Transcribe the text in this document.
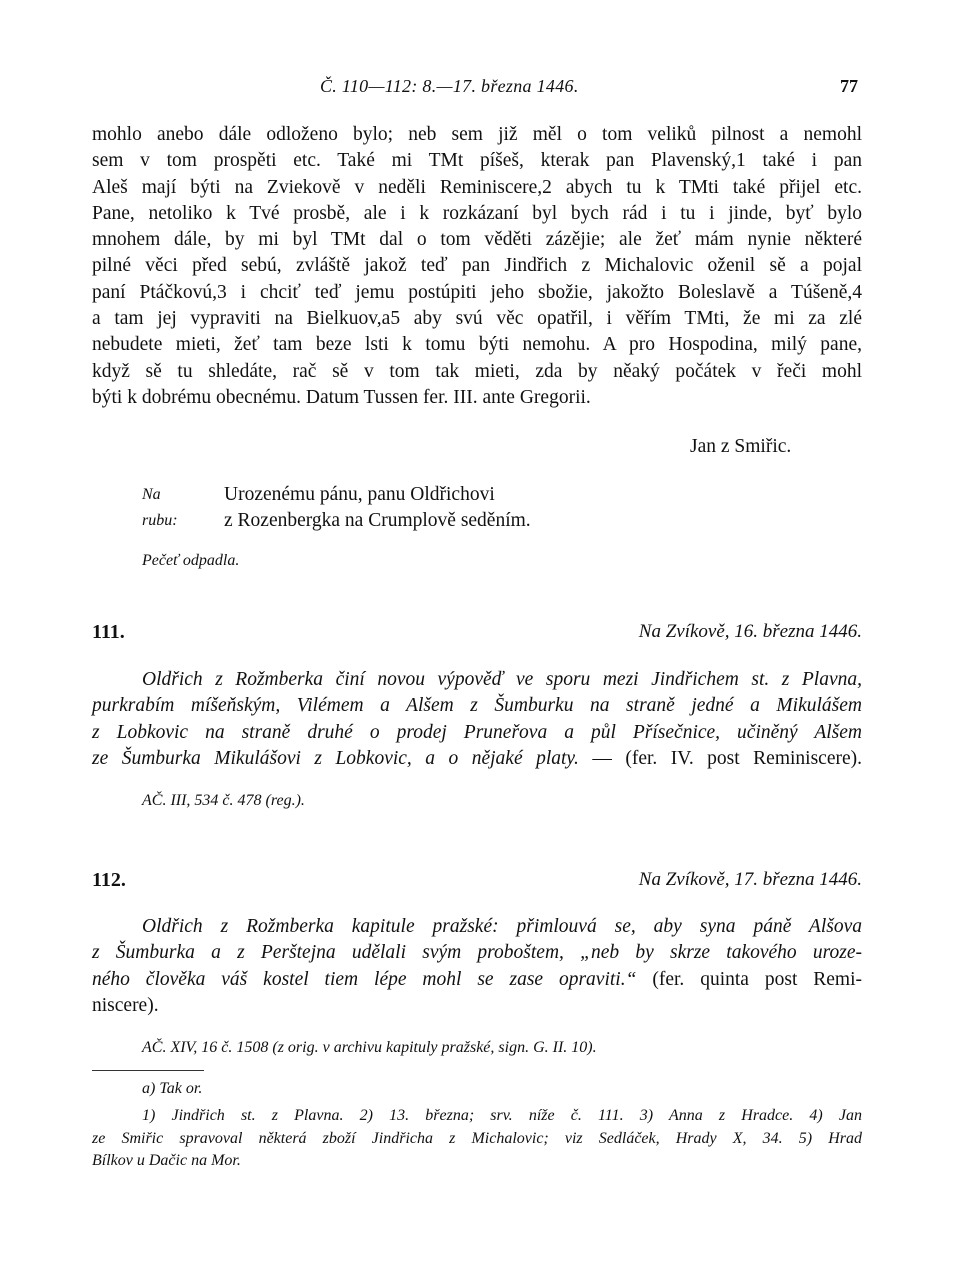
Č. 110—112: 8.—17. března 1446.	77

mohlo anebo dále odloženo bylo; neb sem již měl o tom veliků pilnost a nemohl
sem v tom prospěti etc. Také mi TMt píšeš, kterak pan Plavenský,1 také i pan
Aleš mají býti na Zviekově v neděli Reminiscere,2 abych tu k TMti také přijel etc.
Pane, netoliko k Tvé prosbě, ale i k rozkázaní byl bych rád i tu i jinde, byť bylo
mnohem dále, by mi byl TMt dal o tom věděti zázějie; ale žeť mám nynie některé
pilné věci před sebú, zvláště jakož teď pan Jindřich z Michalovic oženil sě a pojal
paní Ptáčkovú,3 i chciť teď jemu postúpiti jeho sbožie, jakožto Boleslavě a Túšeně,4
a tam jej vypraviti na Bielkuov,a5 aby svú věc opatřil, i věřím TMti, že mi za zlé
nebudete mieti, žeť tam beze lsti k tomu býti nemohu. A pro Hospodina, milý pane,
když sě tu shledáte, rač sě v tom tak mieti, zda by něaký počátek v řeči mohl
býti k dobrému obecnému. Datum Tussen fer. III. ante Gregorii.

Jan z Smiřic.
Na rubu:
Urozenému pánu, panu Oldřichovi
z Rozenbergka na Crumplově seděním.
Pečeť odpadla.
111.	Na Zvíkově, 16. března 1446.
Oldřich z Rožmberka činí novou výpověď ve sporu mezi Jindřichem st. z Plavna,
purkrabím míšeňským, Vilémem a Alšem z Šumburku na straně jedné a Mikulášem
z Lobkovic na straně druhé o prodej Pruneřova a půl Přísečnice, učiněný Alšem
ze Šumburka Mikulášovi z Lobkovic, a o nějaké platy. — (fer. IV. post Reminiscere).
AČ. III, 534 č. 478 (reg.).
112.	Na Zvíkově, 17. března 1446.
Oldřich z Rožmberka kapitule pražské: přimlouvá se, aby syna páně Alšova
z Šumburka a z Perštejna udělali svým proboštem, „neb by skrze takového uroze-
ného člověka váš kostel tiem lépe mohl se zase opraviti.“ (fer. quinta post Remi-
niscere).
AČ. XIV, 16 č. 1508 (z orig. v archivu kapituly pražské, sign. G. II. 10).
a) Tak or.
1) Jindřich st. z Plavna. 2) 13. března; srv. níže č. 111. 3) Anna z Hradce. 4) Jan
ze Smiřic spravoval některá zboží Jindřicha z Michalovic; viz Sedláček, Hrady X, 34. 5) Hrad
Bílkov u Dačic na Mor.
